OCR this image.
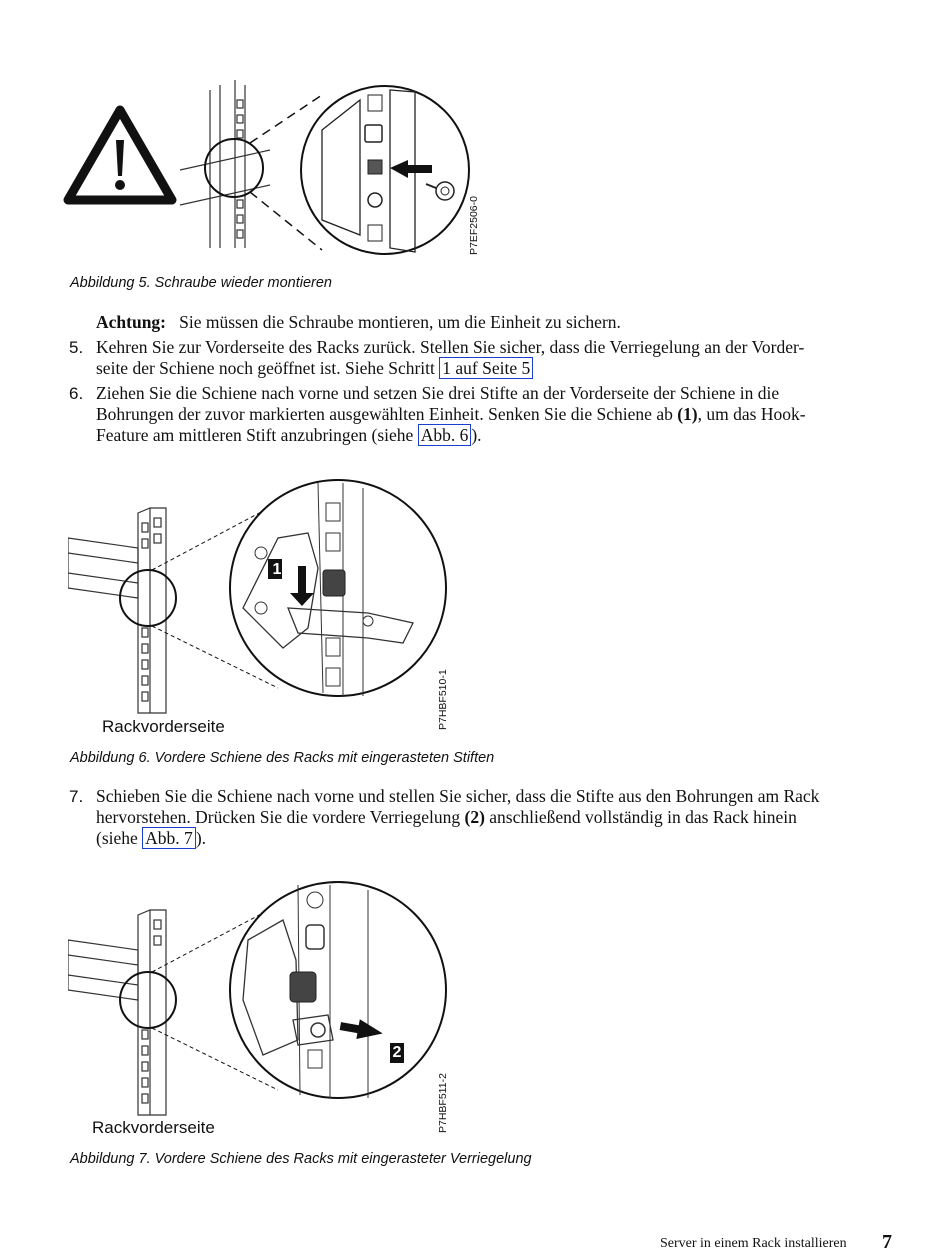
P7EF2506-0
Abbildung 5. Schraube wieder montieren
Achtung: Sie müssen die Schraube montieren, um die Einheit zu sichern.
5. Kehren Sie zur Vorderseite des Racks zurück. Stellen Sie sicher, dass die Verriegelung an der Vorder-
seite der Schiene noch geöffnet ist. Siehe Schritt 1 auf Seite 5
6. Ziehen Sie die Schiene nach vorne und setzen Sie drei Stifte an der Vorderseite der Schiene in die
Bohrungen der zuvor markierten ausgewählten Einheit. Senken Sie die Schiene ab (1), um das Hook-
Feature am mittleren Stift anzubringen (siehe Abb. 6 ).
1
P7HBF510-1
Rackvorderseite
Abbildung 6. Vordere Schiene des Racks mit eingerasteten Stiften
7. Schieben Sie die Schiene nach vorne und stellen Sie sicher, dass die Stifte aus den Bohrungen am Rack
hervorstehen. Drücken Sie die vordere Verriegelung (2) anschließend vollständig in das Rack hinein
(siehe Abb. 7 ).
2
P7HBF511-2
Rackvorderseite
Abbildung 7. Vordere Schiene des Racks mit eingerasteter Verriegelung
Server in einem Rack installieren 7
